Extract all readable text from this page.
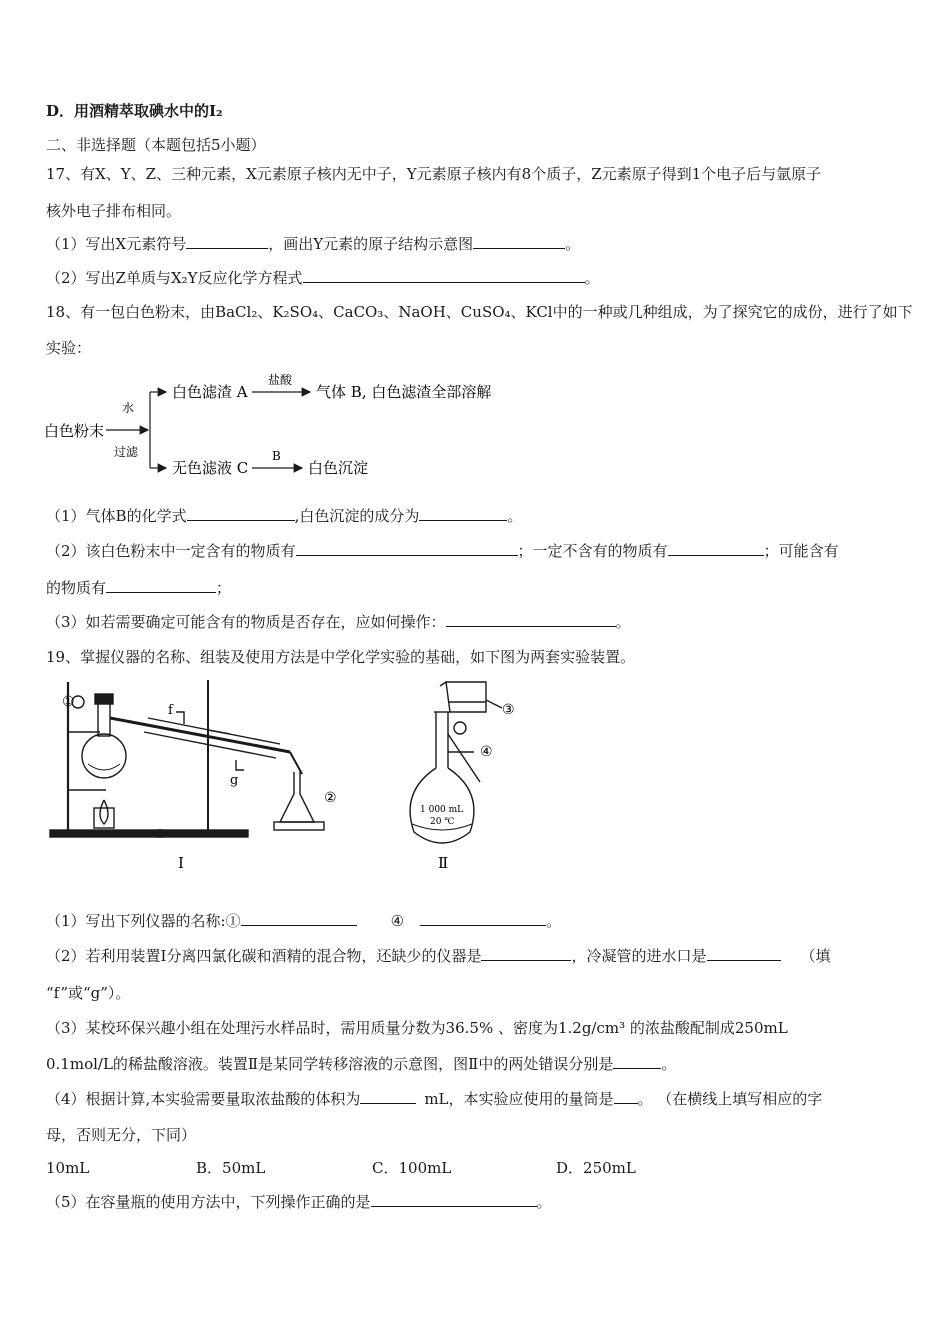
D．用酒精萃取碘水中的I₂
二、非选择题（本题包括5小题）
17、有X、Y、Z、三种元素，X元素原子核内无中子，Y元素原子核内有8个质子，Z元素原子得到1个电子后与氩原子
核外电子排布相同。
（1）写出X元素符号	，画出Y元素的原子结构示意图	。
（2）写出Z单质与X₂Y反应化学方程式	。
18、有一包白色粉末，由BaCl₂、K₂SO₄、CaCO₃、NaOH、CuSO₄、KCl中的一种或几种组成，为了探究它的成份，进行了如下
实验：
白色粉末
水
过滤
白色滤渣 A
盐酸
气体 B, 白色滤渣全部溶解
无色滤液 C
B
白色沉淀
（1）气体B的化学式	,白色沉淀的成分为	。
（2）该白色粉末中一定含有的物质有	；一定不含有的物质有	；可能含有
的物质有	；
（3）如若需要确定可能含有的物质是否存在，应如何操作：	。
19、掌握仪器的名称、组装及使用方法是中学化学实验的基础，如下图为两套实验装置。
①
f
g
②
Ⅰ
1 000 mL
20 ℃
③
④
Ⅱ
（1）写出下列仪器的名称:①	④	。
（2）若利用装置Ⅰ分离四氯化碳和酒精的混合物，还缺少的仪器是	，冷凝管的进水口是	（填
“f”或“g”）。
（3）某校环保兴趣小组在处理污水样品时，需用质量分数为36.5% 、密度为1.2g/cm³ 的浓盐酸配制成250mL
0.1mol/L的稀盐酸溶液。装置Ⅱ是某同学转移溶液的示意图，图Ⅱ中的两处错误分别是	。
（4）根据计算,本实验需要量取浓盐酸的体积为	mL，本实验应使用的量筒是 。 （在横线上填写相应的字
母，否则无分，下同）
10mL	B．50mL	C．100mL	D．250mL
（5）在容量瓶的使用方法中，下列操作正确的是	。
